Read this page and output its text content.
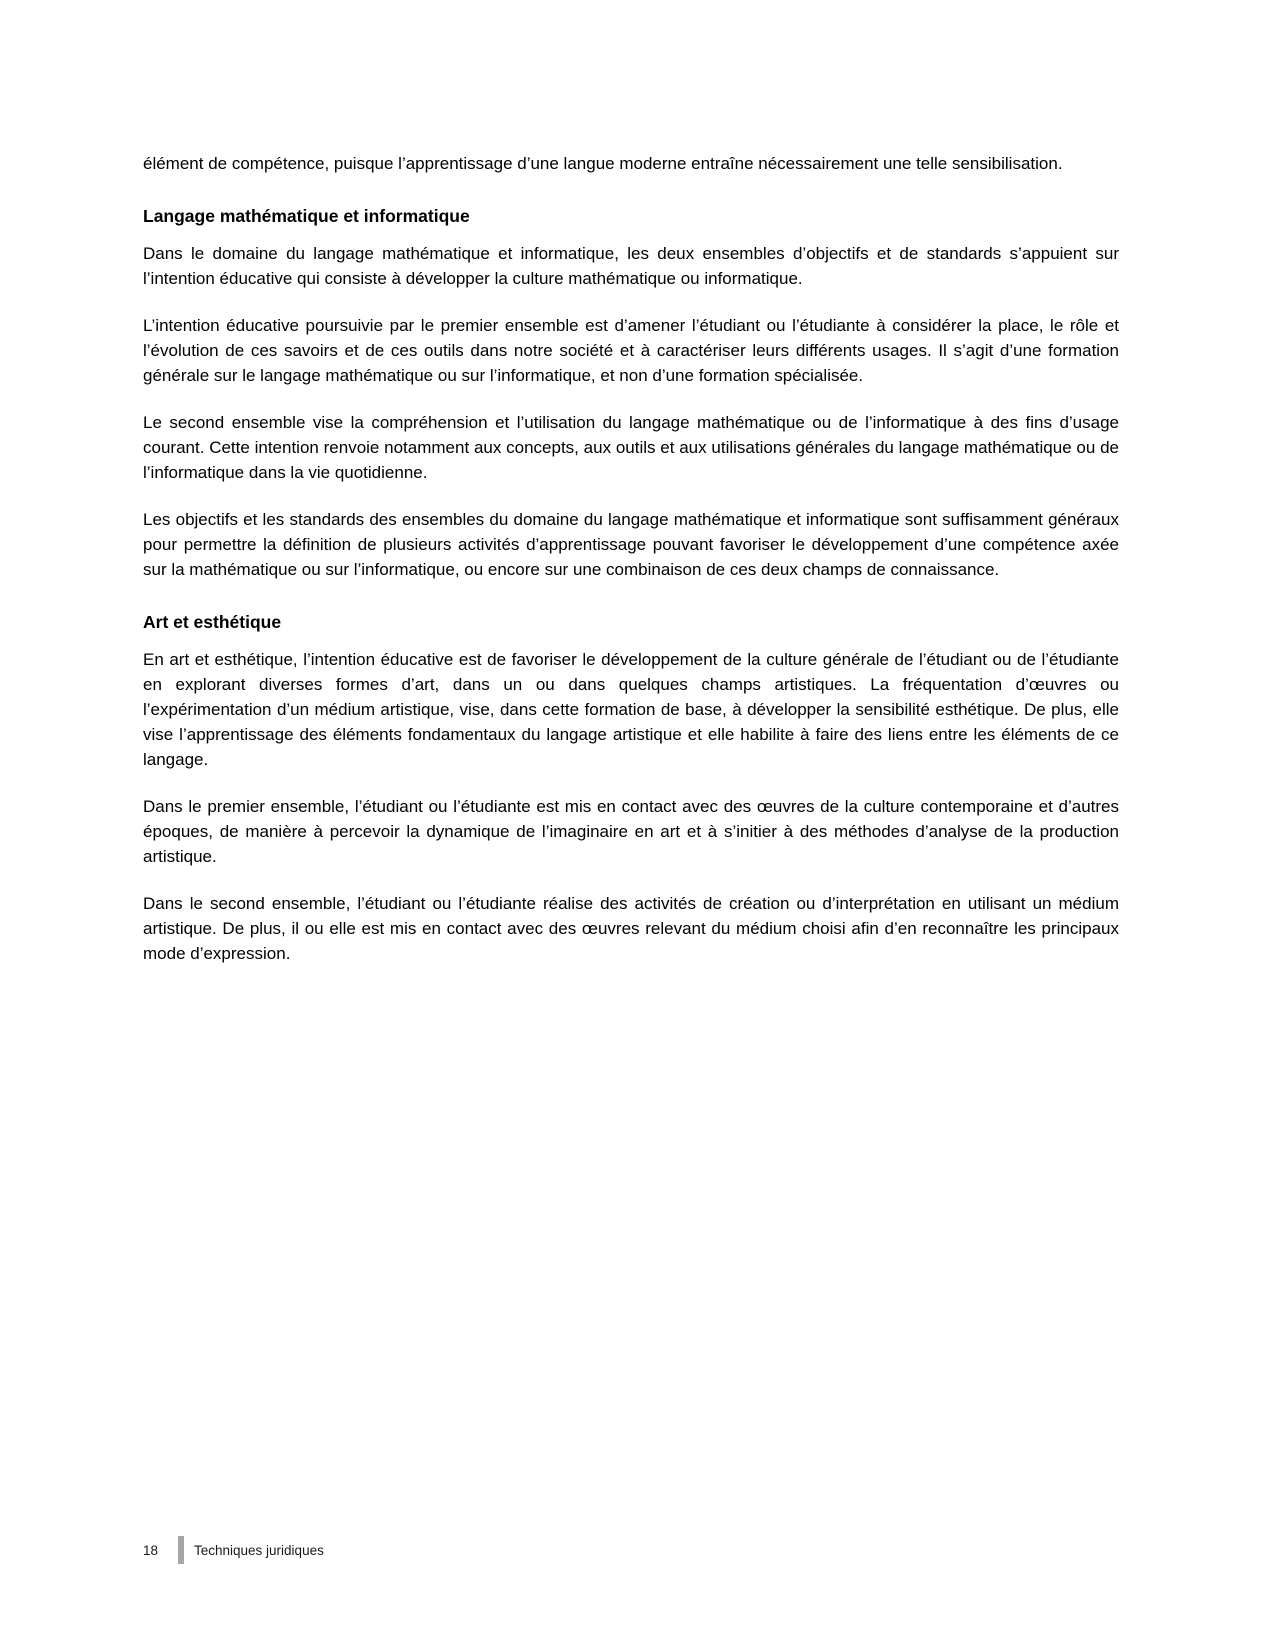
élément de compétence, puisque l’apprentissage d’une langue moderne entraîne nécessairement une telle sensibilisation.

Langage mathématique et informatique

Dans le domaine du langage mathématique et informatique, les deux ensembles d’objectifs et de standards s’appuient sur l’intention éducative qui consiste à développer la culture mathématique ou informatique.

L’intention éducative poursuivie par le premier ensemble est d’amener l’étudiant ou l’étudiante à considérer la place, le rôle et l’évolution de ces savoirs et de ces outils dans notre société et à caractériser leurs différents usages. Il s’agit d’une formation générale sur le langage mathématique ou sur l’informatique, et non d’une formation spécialisée.

Le second ensemble vise la compréhension et l’utilisation du langage mathématique ou de l’informatique à des fins d’usage courant. Cette intention renvoie notamment aux concepts, aux outils et aux utilisations générales du langage mathématique ou de l’informatique dans la vie quotidienne.

Les objectifs et les standards des ensembles du domaine du langage mathématique et informatique sont suffisamment généraux pour permettre la définition de plusieurs activités d’apprentissage pouvant favoriser le développement d’une compétence axée sur la mathématique ou sur l’informatique, ou encore sur une combinaison de ces deux champs de connaissance.

Art et esthétique

En art et esthétique, l’intention éducative est de favoriser le développement de la culture générale de l’étudiant ou de l’étudiante en explorant diverses formes d’art, dans un ou dans quelques champs artistiques. La fréquentation d’œuvres ou l’expérimentation d’un médium artistique, vise, dans cette formation de base, à développer la sensibilité esthétique. De plus, elle vise l’apprentissage des éléments fondamentaux du langage artistique et elle habilite à faire des liens entre les éléments de ce langage.

Dans le premier ensemble, l’étudiant ou l’étudiante est mis en contact avec des œuvres de la culture contemporaine et d’autres époques, de manière à percevoir la dynamique de l’imaginaire en art et à s’initier à des méthodes d’analyse de la production artistique.

Dans le second ensemble, l’étudiant ou l’étudiante réalise des activités de création ou d’interprétation en utilisant un médium artistique. De plus, il ou elle est mis en contact avec des œuvres relevant du médium choisi afin d’en reconnaître les principaux mode d’expression.

18	Techniques juridiques
